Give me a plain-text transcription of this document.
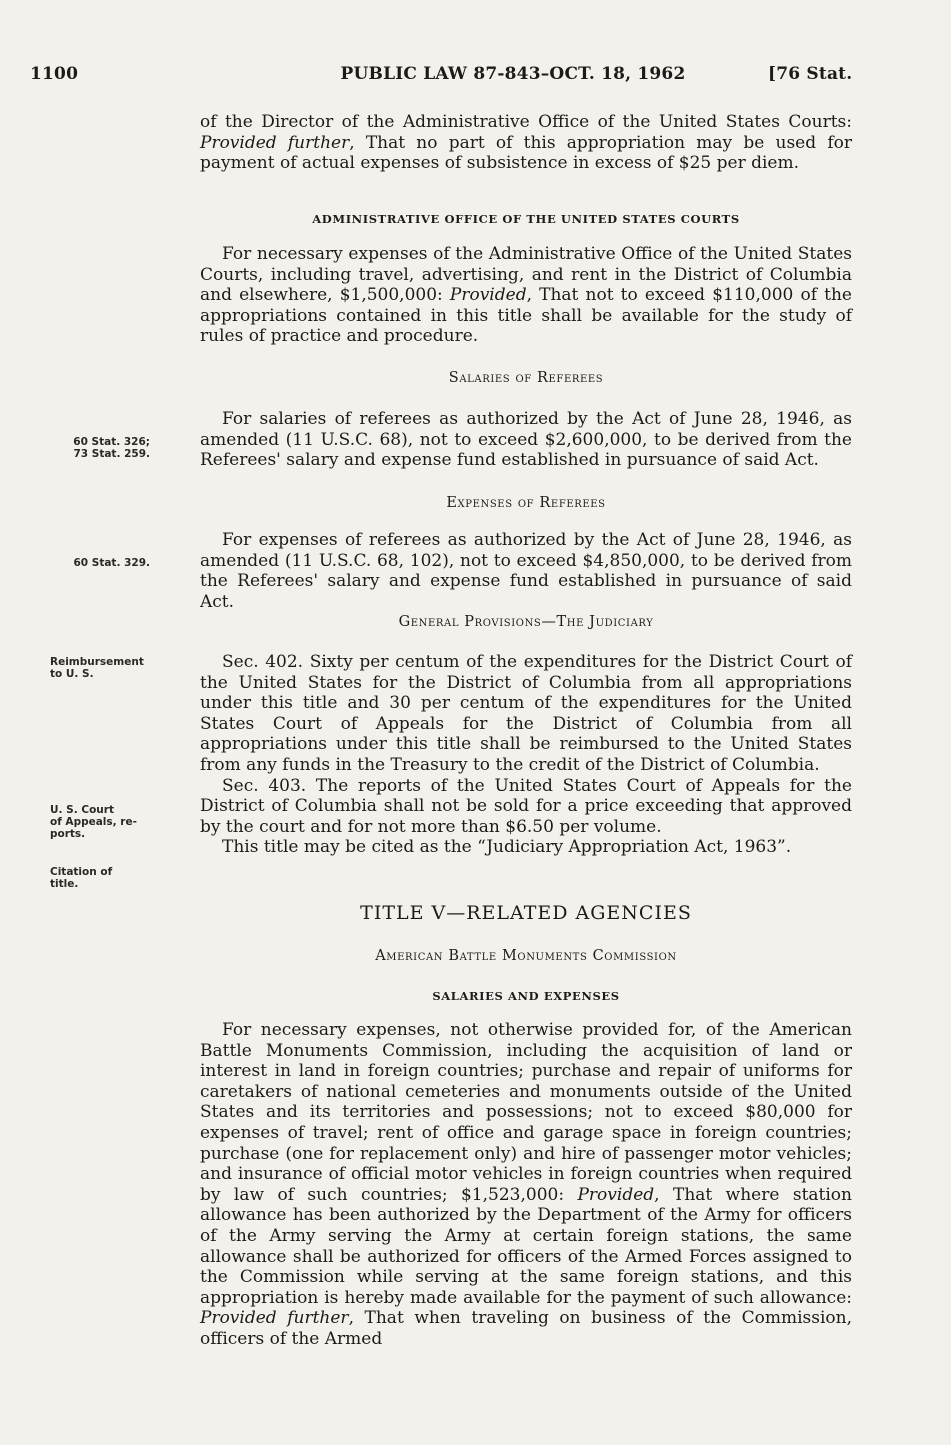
1100	PUBLIC LAW 87-843–OCT. 18, 1962	[76 Stat.

of the Director of the Administrative Office of the United States Courts: Provided further, That no part of this appropriation may be used for payment of actual expenses of subsistence in excess of $25 per diem.

ADMINISTRATIVE OFFICE OF THE UNITED STATES COURTS

For necessary expenses of the Administrative Office of the United States Courts, including travel, advertising, and rent in the District of Columbia and elsewhere, $1,500,000: Provided, That not to exceed $110,000 of the appropriations contained in this title shall be available for the study of rules of practice and procedure.

Salaries of Referees

For salaries of referees as authorized by the Act of June 28, 1946, as amended (11 U.S.C. 68), not to exceed $2,600,000, to be derived from the Referees' salary and expense fund established in pursuance of said Act.

60 Stat. 326;
73 Stat. 259.
Expenses of Referees

For expenses of referees as authorized by the Act of June 28, 1946, as amended (11 U.S.C. 68, 102), not to exceed $4,850,000, to be derived from the Referees' salary and expense fund established in pursuance of said Act.

60 Stat. 329.
General Provisions—The Judiciary

Sec. 402. Sixty per centum of the expenditures for the District Court of the United States for the District of Columbia from all appropriations under this title and 30 per centum of the expenditures for the United States Court of Appeals for the District of Columbia from all appropriations under this title shall be reimbursed to the United States from any funds in the Treasury to the credit of the District of Columbia.

Sec. 403. The reports of the United States Court of Appeals for the District of Columbia shall not be sold for a price exceeding that approved by the court and for not more than $6.50 per volume.

This title may be cited as the “Judiciary Appropriation Act, 1963”.

Reimbursement
to U. S.
U. S. Court
of Appeals, re-
ports.
Citation of
title.
TITLE V—RELATED AGENCIES
American Battle Monuments Commission
SALARIES AND EXPENSES

For necessary expenses, not otherwise provided for, of the American Battle Monuments Commission, including the acquisition of land or interest in land in foreign countries; purchase and repair of uniforms for caretakers of national cemeteries and monuments outside of the United States and its territories and possessions; not to exceed $80,000 for expenses of travel; rent of office and garage space in foreign countries; purchase (one for replacement only) and hire of passenger motor vehicles; and insurance of official motor vehicles in foreign countries when required by law of such countries; $1,523,000: Provided, That where station allowance has been authorized by the Department of the Army for officers of the Army serving the Army at certain foreign stations, the same allowance shall be authorized for officers of the Armed Forces assigned to the Commission while serving at the same foreign stations, and this appropriation is hereby made available for the payment of such allowance: Provided further, That when traveling on business of the Commission, officers of the Armed
